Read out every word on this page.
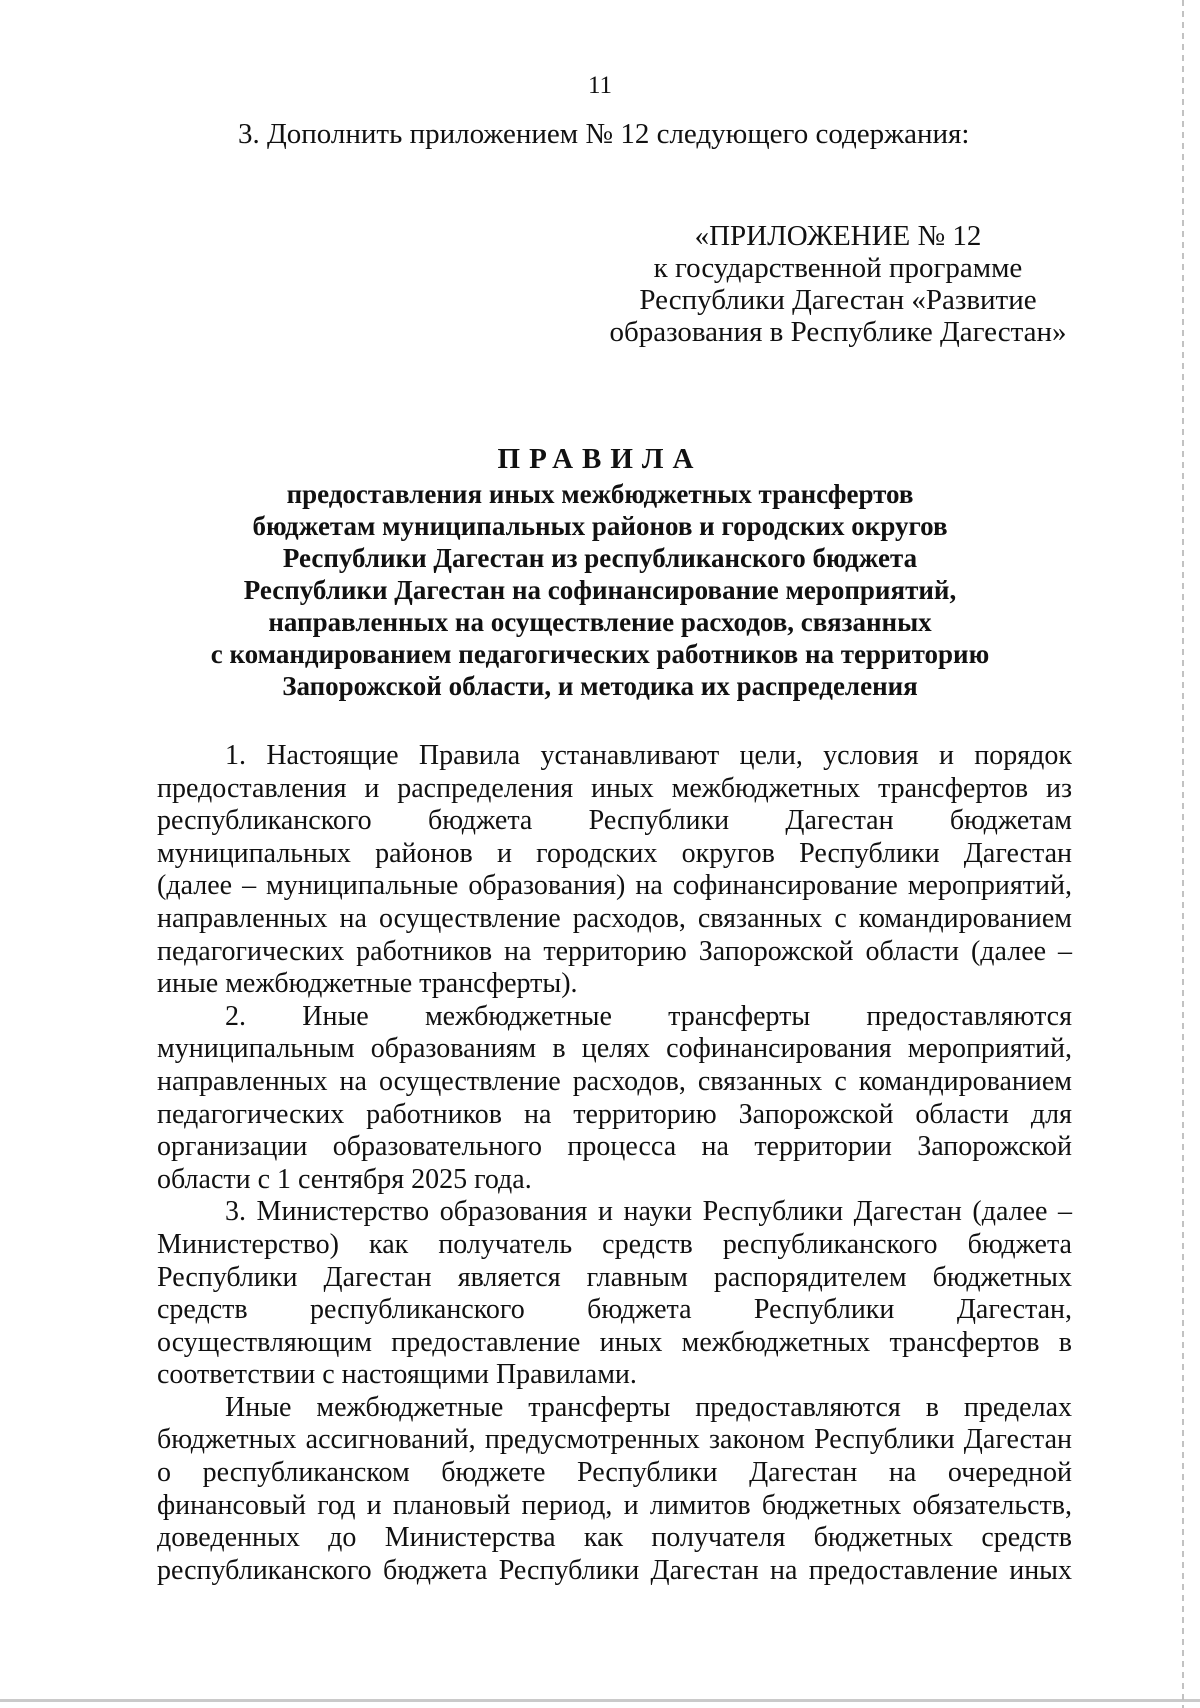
11
3. Дополнить приложением № 12 следующего содержания:
«ПРИЛОЖЕНИЕ № 12
к государственной программе
Республики Дагестан «Развитие
образования в Республике Дагестан»
ПРАВИЛА
предоставления иных межбюджетных трансфертов
бюджетам муниципальных районов и городских округов
Республики Дагестан из республиканского бюджета
Республики Дагестан на софинансирование мероприятий,
направленных на осуществление расходов, связанных
с командированием педагогических работников на территорию
Запорожской области, и методика их распределения
1. Настоящие Правила устанавливают цели, условия и порядок
предоставления и распределения иных межбюджетных трансфертов из
республиканского бюджета Республики Дагестан бюджетам
муниципальных районов и городских округов Республики Дагестан
(далее – муниципальные образования) на софинансирование мероприятий,
направленных на осуществление расходов, связанных с командированием
педагогических работников на территорию Запорожской области (далее –
иные межбюджетные трансферты).
2. Иные межбюджетные трансферты предоставляются
муниципальным образованиям в целях софинансирования мероприятий,
направленных на осуществление расходов, связанных с командированием
педагогических работников на территорию Запорожской области для
организации образовательного процесса на территории Запорожской
области с 1 сентября 2025 года.
3. Министерство образования и науки Республики Дагестан (далее –
Министерство) как получатель средств республиканского бюджета
Республики Дагестан является главным распорядителем бюджетных
средств республиканского бюджета Республики Дагестан,
осуществляющим предоставление иных межбюджетных трансфертов в
соответствии с настоящими Правилами.
Иные межбюджетные трансферты предоставляются в пределах
бюджетных ассигнований, предусмотренных законом Республики Дагестан
о республиканском бюджете Республики Дагестан на очередной
финансовый год и плановый период, и лимитов бюджетных обязательств,
доведенных до Министерства как получателя бюджетных средств
республиканского бюджета Республики Дагестан на предоставление иных
